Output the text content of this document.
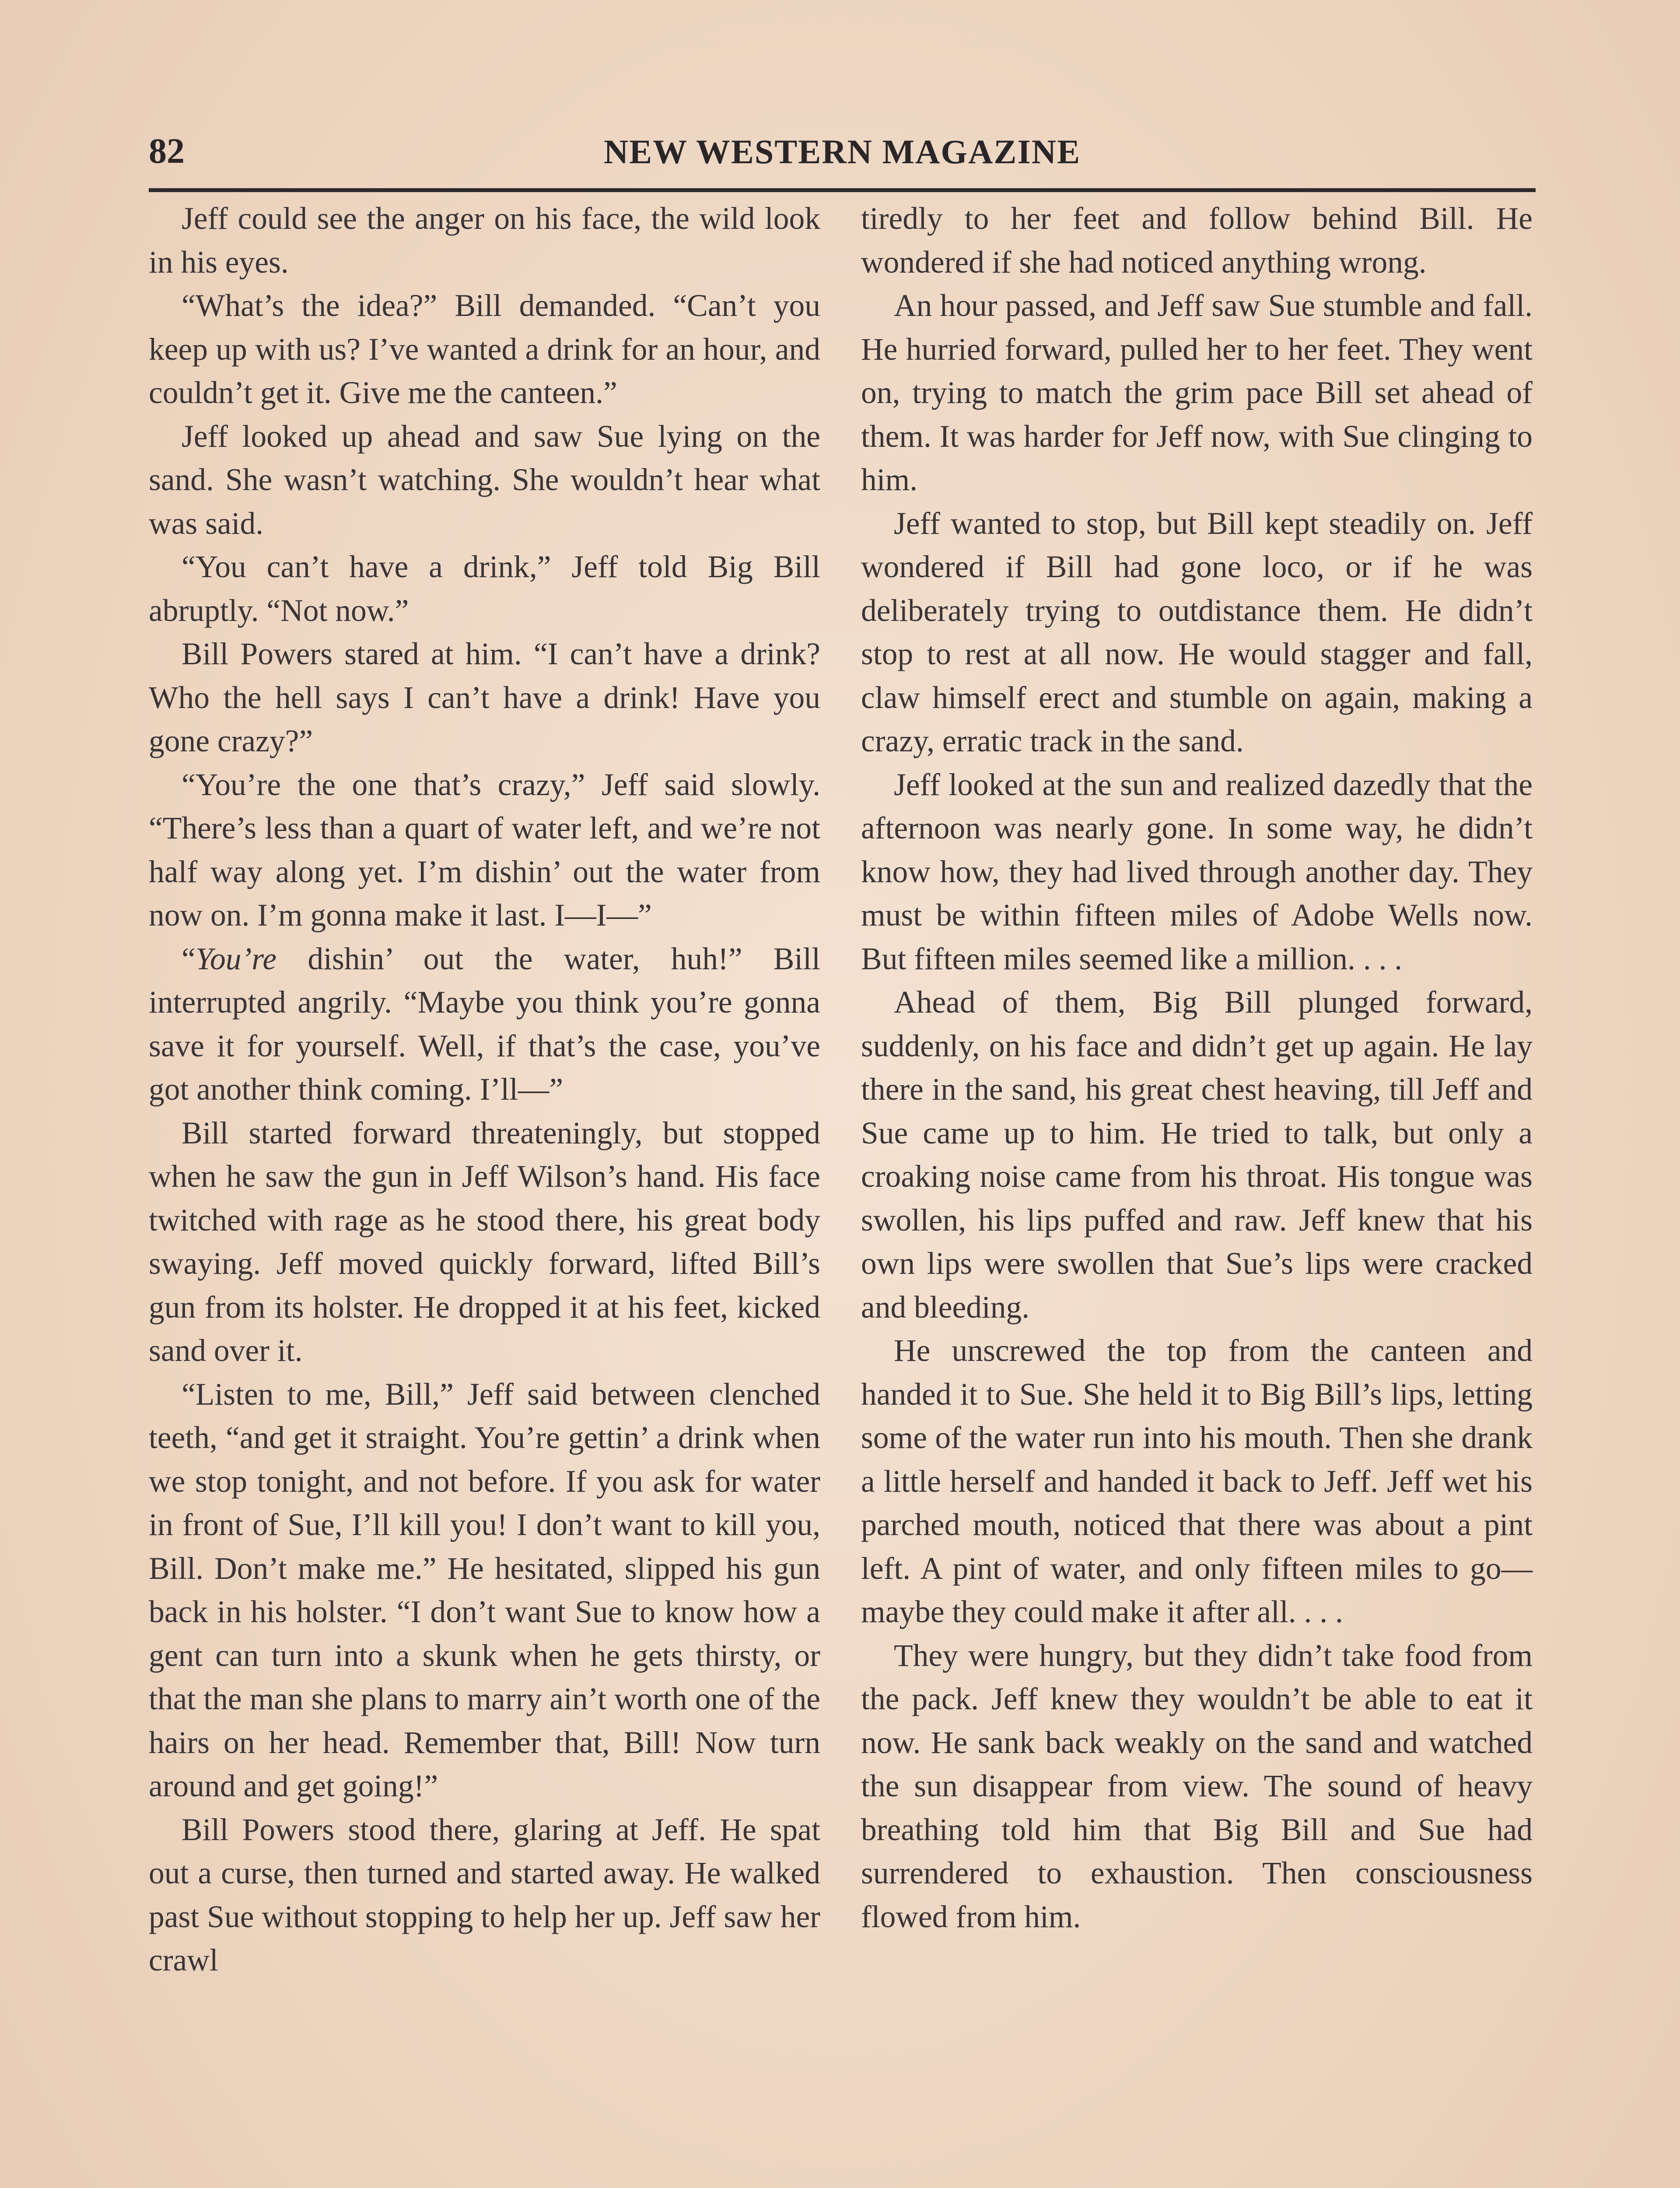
82	NEW WESTERN MAGAZINE

Jeff could see the anger on his face, the wild look in his eyes.

“What’s the idea?” Bill demanded. “Can’t you keep up with us? I’ve wanted a drink for an hour, and couldn’t get it. Give me the canteen.”

Jeff looked up ahead and saw Sue lying on the sand. She wasn’t watching. She wouldn’t hear what was said.

“You can’t have a drink,” Jeff told Big Bill abruptly. “Not now.”

Bill Powers stared at him. “I can’t have a drink? Who the hell says I can’t have a drink! Have you gone crazy?”

“You’re the one that’s crazy,” Jeff said slowly. “There’s less than a quart of water left, and we’re not half way along yet. I’m dishin’ out the water from now on. I’m gonna make it last. I—I—”

“You’re dishin’ out the water, huh!” Bill interrupted angrily. “Maybe you think you’re gonna save it for yourself. Well, if that’s the case, you’ve got another think coming. I’ll—”

Bill started forward threateningly, but stopped when he saw the gun in Jeff Wilson’s hand. His face twitched with rage as he stood there, his great body swaying. Jeff moved quickly forward, lifted Bill’s gun from its holster. He dropped it at his feet, kicked sand over it.

“Listen to me, Bill,” Jeff said between clenched teeth, “and get it straight. You’re gettin’ a drink when we stop tonight, and not before. If you ask for water in front of Sue, I’ll kill you! I don’t want to kill you, Bill. Don’t make me.” He hesitated, slipped his gun back in his holster. “I don’t want Sue to know how a gent can turn into a skunk when he gets thirsty, or that the man she plans to marry ain’t worth one of the hairs on her head. Remember that, Bill! Now turn around and get going!”

Bill Powers stood there, glaring at Jeff. He spat out a curse, then turned and started away. He walked past Sue without stopping to help her up. Jeff saw her crawl

tiredly to her feet and follow behind Bill. He wondered if she had noticed anything wrong.

An hour passed, and Jeff saw Sue stumble and fall. He hurried forward, pulled her to her feet. They went on, trying to match the grim pace Bill set ahead of them. It was harder for Jeff now, with Sue clinging to him.

Jeff wanted to stop, but Bill kept steadily on. Jeff wondered if Bill had gone loco, or if he was deliberately trying to outdistance them. He didn’t stop to rest at all now. He would stagger and fall, claw himself erect and stumble on again, making a crazy, erratic track in the sand.

Jeff looked at the sun and realized dazedly that the afternoon was nearly gone. In some way, he didn’t know how, they had lived through another day. They must be within fifteen miles of Adobe Wells now. But fifteen miles seemed like a million. . . .

Ahead of them, Big Bill plunged forward, suddenly, on his face and didn’t get up again. He lay there in the sand, his great chest heaving, till Jeff and Sue came up to him. He tried to talk, but only a croaking noise came from his throat. His tongue was swollen, his lips puffed and raw. Jeff knew that his own lips were swollen that Sue’s lips were cracked and bleeding.

He unscrewed the top from the canteen and handed it to Sue. She held it to Big Bill’s lips, letting some of the water run into his mouth. Then she drank a little herself and handed it back to Jeff. Jeff wet his parched mouth, noticed that there was about a pint left. A pint of water, and only fifteen miles to go—maybe they could make it after all. . . .

They were hungry, but they didn’t take food from the pack. Jeff knew they wouldn’t be able to eat it now. He sank back weakly on the sand and watched the sun disappear from view. The sound of heavy breathing told him that Big Bill and Sue had surrendered to exhaustion. Then consciousness flowed from him.
